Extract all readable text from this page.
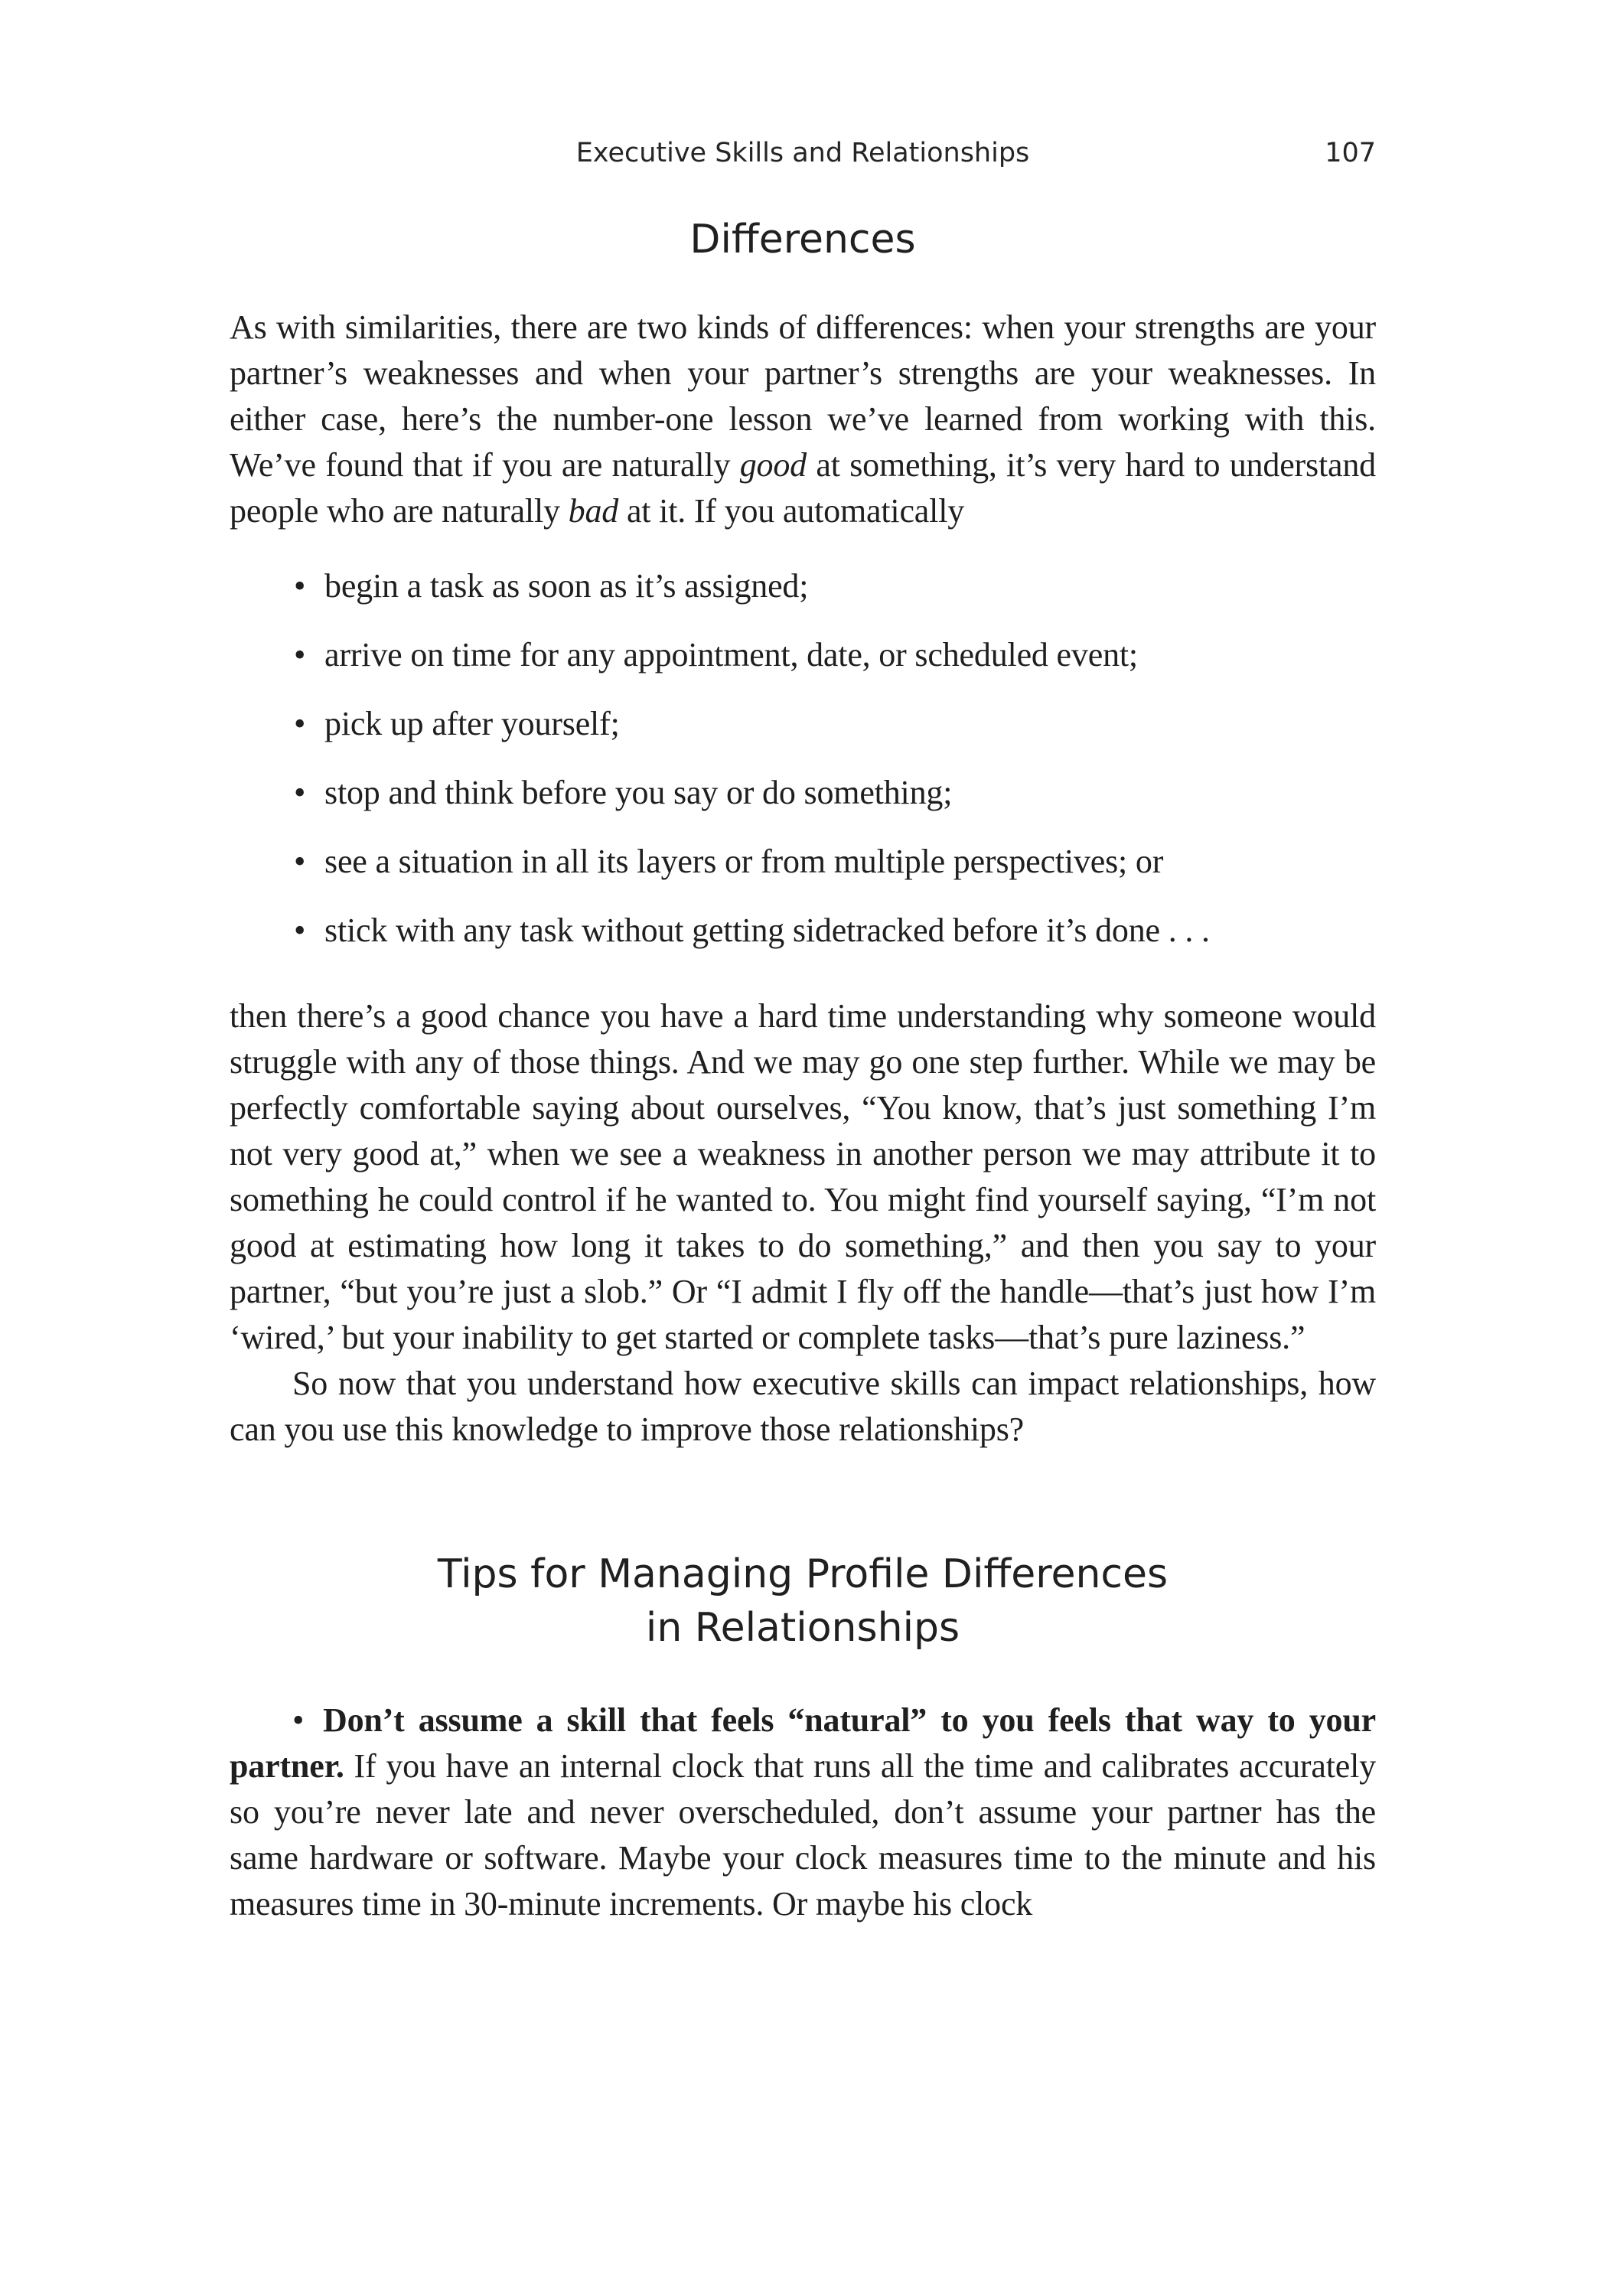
Executive Skills and Relationships	107
Differences

As with similarities, there are two kinds of differences: when your strengths are your partner’s weaknesses and when your partner’s strengths are your weaknesses. In either case, here’s the number-one lesson we’ve learned from working with this. We’ve found that if you are naturally good at something, it’s very hard to understand people who are naturally bad at it. If you automatically

• begin a task as soon as it’s assigned;
• arrive on time for any appointment, date, or scheduled event;
• pick up after yourself;
• stop and think before you say or do something;
• see a situation in all its layers or from multiple perspectives; or
• stick with any task without getting sidetracked before it’s done . . .

then there’s a good chance you have a hard time understanding why someone would struggle with any of those things. And we may go one step further. While we may be perfectly comfortable saying about ourselves, “You know, that’s just something I’m not very good at,” when we see a weakness in another person we may attribute it to something he could control if he wanted to. You might find yourself saying, “I’m not good at estimating how long it takes to do something,” and then you say to your partner, “but you’re just a slob.” Or “I admit I fly off the handle—that’s just how I’m ‘wired,’ but your inability to get started or complete tasks—that’s pure laziness.”

So now that you understand how executive skills can impact relationships, how can you use this knowledge to improve those relationships?

Tips for Managing Profile Differences
in Relationships

• Don’t assume a skill that feels “natural” to you feels that way to your partner. If you have an internal clock that runs all the time and calibrates accurately so you’re never late and never overscheduled, don’t assume your partner has the same hardware or software. Maybe your clock measures time to the minute and his measures time in 30-minute increments. Or maybe his clock
